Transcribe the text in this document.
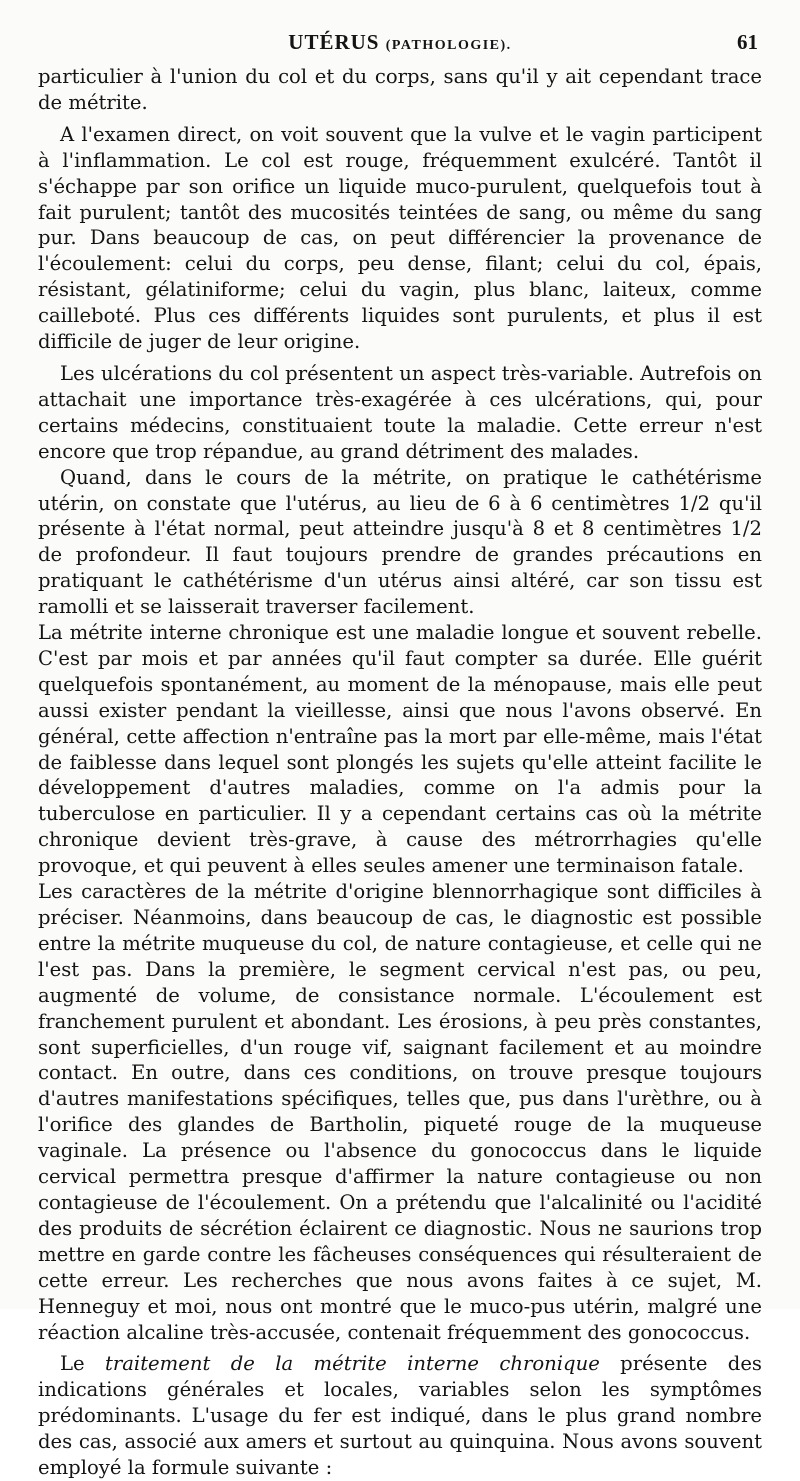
UTÉRUS (PATHOLOGIE).	61

particulier à l'union du col et du corps, sans qu'il y ait cependant trace de métrite.

A l'examen direct, on voit souvent que la vulve et le vagin participent à l'inflammation. Le col est rouge, fréquemment exulcéré. Tantôt il s'échappe par son orifice un liquide muco-purulent, quelquefois tout à fait purulent; tantôt des mucosités teintées de sang, ou même du sang pur. Dans beaucoup de cas, on peut différencier la provenance de l'écoulement: celui du corps, peu dense, filant; celui du col, épais, résistant, gélatiniforme; celui du vagin, plus blanc, laiteux, comme cailleboté. Plus ces différents liquides sont purulents, et plus il est difficile de juger de leur origine.

Les ulcérations du col présentent un aspect très-variable. Autrefois on attachait une importance très-exagérée à ces ulcérations, qui, pour certains médecins, constituaient toute la maladie. Cette erreur n'est encore que trop répandue, au grand détriment des malades.

Quand, dans le cours de la métrite, on pratique le cathétérisme utérin, on constate que l'utérus, au lieu de 6 à 6 centimètres 1/2 qu'il présente à l'état normal, peut atteindre jusqu'à 8 et 8 centimètres 1/2 de profondeur. Il faut toujours prendre de grandes précautions en pratiquant le cathétérisme d'un utérus ainsi altéré, car son tissu est ramolli et se laisserait traverser facilement.

La métrite interne chronique est une maladie longue et souvent rebelle. C'est par mois et par années qu'il faut compter sa durée. Elle guérit quelquefois spontanément, au moment de la ménopause, mais elle peut aussi exister pendant la vieillesse, ainsi que nous l'avons observé. En général, cette affection n'entraîne pas la mort par elle-même, mais l'état de faiblesse dans lequel sont plongés les sujets qu'elle atteint facilite le développement d'autres maladies, comme on l'a admis pour la tuberculose en particulier. Il y a cependant certains cas où la métrite chronique devient très-grave, à cause des métrorrhagies qu'elle provoque, et qui peuvent à elles seules amener une terminaison fatale.

Les caractères de la métrite d'origine blennorrhagique sont difficiles à préciser. Néanmoins, dans beaucoup de cas, le diagnostic est possible entre la métrite muqueuse du col, de nature contagieuse, et celle qui ne l'est pas. Dans la première, le segment cervical n'est pas, ou peu, augmenté de volume, de consistance normale. L'écoulement est franchement purulent et abondant. Les érosions, à peu près constantes, sont superficielles, d'un rouge vif, saignant facilement et au moindre contact. En outre, dans ces conditions, on trouve presque toujours d'autres manifestations spécifiques, telles que, pus dans l'urèthre, ou à l'orifice des glandes de Bartholin, piqueté rouge de la muqueuse vaginale. La présence ou l'absence du gonococcus dans le liquide cervical permettra presque d'affirmer la nature contagieuse ou non contagieuse de l'écoulement. On a prétendu que l'alcalinité ou l'acidité des produits de sécrétion éclairent ce diagnostic. Nous ne saurions trop mettre en garde contre les fâcheuses conséquences qui résulteraient de cette erreur. Les recherches que nous avons faites à ce sujet, M. Henneguy et moi, nous ont montré que le muco-pus utérin, malgré une réaction alcaline très-accusée, contenait fréquemment des gonococcus.

Le traitement de la métrite interne chronique présente des indications générales et locales, variables selon les symptômes prédominants. L'usage du fer est indiqué, dans le plus grand nombre des cas, associé aux amers et surtout au quinquina. Nous avons souvent employé la formule suivante :
